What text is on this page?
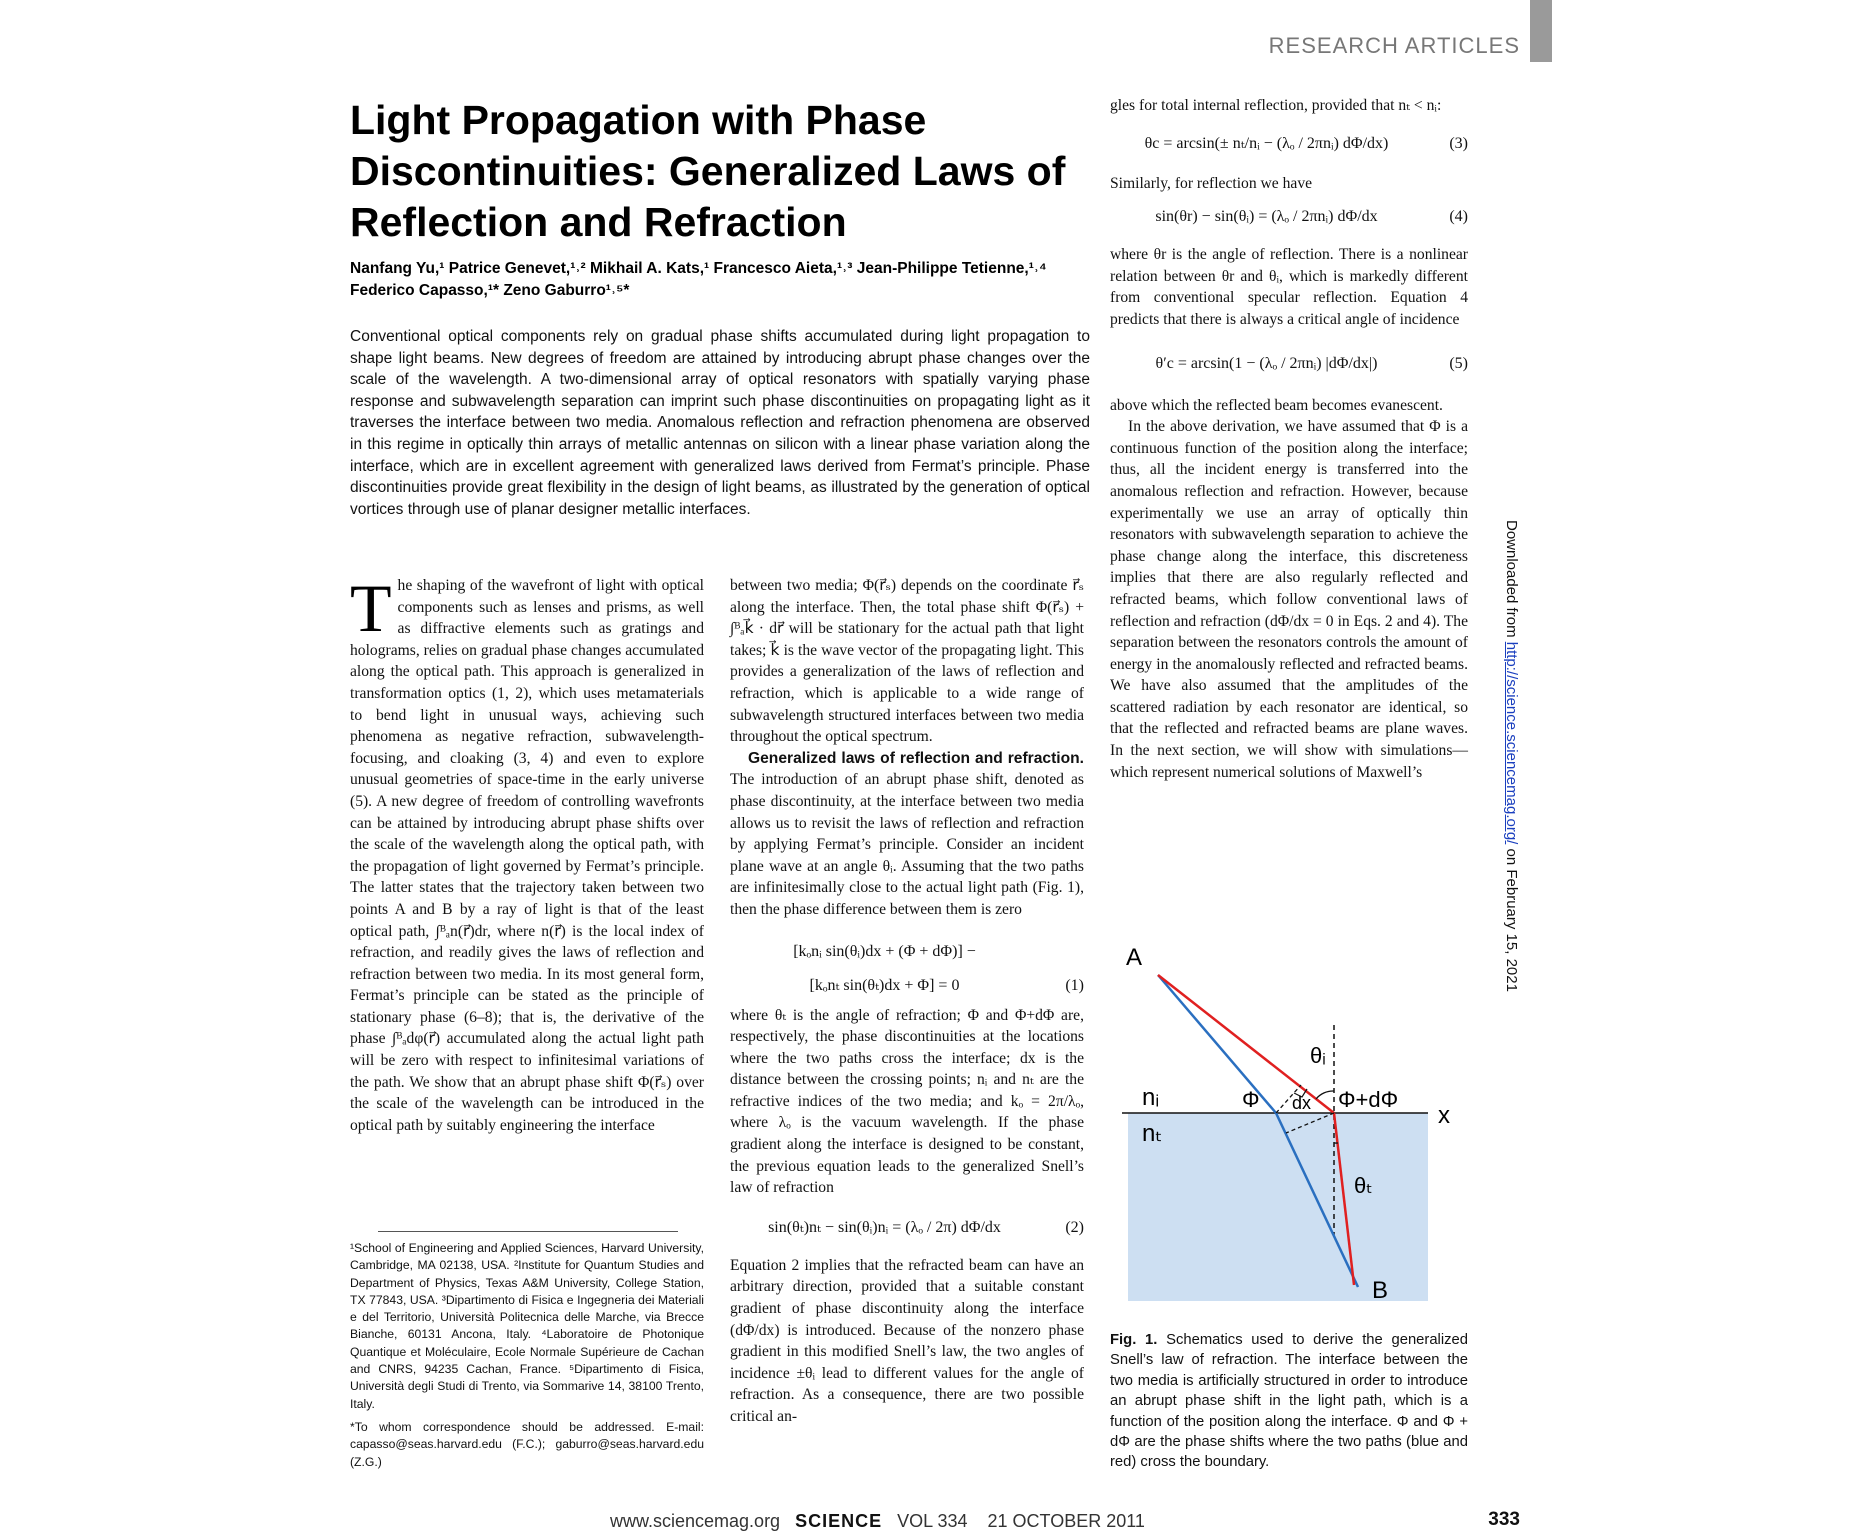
RESEARCH ARTICLES
Light Propagation with Phase Discontinuities: Generalized Laws of Reflection and Refraction
Nanfang Yu,¹ Patrice Genevet,¹˒² Mikhail A. Kats,¹ Francesco Aieta,¹˒³ Jean-Philippe Tetienne,¹˒⁴ Federico Capasso,¹* Zeno Gaburro¹˒⁵*
Conventional optical components rely on gradual phase shifts accumulated during light propagation to shape light beams. New degrees of freedom are attained by introducing abrupt phase changes over the scale of the wavelength. A two-dimensional array of optical resonators with spatially varying phase response and subwavelength separation can imprint such phase discontinuities on propagating light as it traverses the interface between two media. Anomalous reflection and refraction phenomena are observed in this regime in optically thin arrays of metallic antennas on silicon with a linear phase variation along the interface, which are in excellent agreement with generalized laws derived from Fermat’s principle. Phase discontinuities provide great flexibility in the design of light beams, as illustrated by the generation of optical vortices through use of planar designer metallic interfaces.
T he shaping of the wavefront of light with optical components such as lenses and prisms, as well as diffractive elements such as gratings and holograms, relies on gradual phase changes accumulated along the optical path. This approach is generalized in transformation optics (1, 2), which uses metamaterials to bend light in unusual ways, achieving such phenomena as negative refraction, subwavelength-focusing, and cloaking (3, 4) and even to explore unusual geometries of space-time in the early universe (5). A new degree of freedom of controlling wavefronts can be attained by introducing abrupt phase shifts over the scale of the wavelength along the optical path, with the propagation of light governed by Fermat’s principle. The latter states that the trajectory taken between two points A and B by a ray of light is that of the least optical path, ∫ᴮₐn(r⃗)dr, where n(r⃗) is the local index of refraction, and readily gives the laws of reflection and refraction between two media. In its most general form, Fermat’s principle can be stated as the principle of stationary phase (6–8); that is, the derivative of the phase ∫ᴮₐdφ(r⃗) accumulated along the actual light path will be zero with respect to infinitesimal variations of the path. We show that an abrupt phase shift Φ(r⃗ₛ) over the scale of the wavelength can be introduced in the optical path by suitably engineering the interface

¹School of Engineering and Applied Sciences, Harvard University, Cambridge, MA 02138, USA. ²Institute for Quantum Studies and Department of Physics, Texas A&M University, College Station, TX 77843, USA. ³Dipartimento di Fisica e Ingegneria dei Materiali e del Territorio, Università Politecnica delle Marche, via Brecce Bianche, 60131 Ancona, Italy. ⁴Laboratoire de Photonique Quantique et Moléculaire, Ecole Normale Supérieure de Cachan and CNRS, 94235 Cachan, France. ⁵Dipartimento di Fisica, Università degli Studi di Trento, via Sommarive 14, 38100 Trento, Italy.

*To whom correspondence should be addressed. E-mail: capasso@seas.harvard.edu (F.C.); gaburro@seas.harvard.edu (Z.G.)

between two media; Φ(r⃗ₛ) depends on the coordinate r⃗ₛ along the interface. Then, the total phase shift Φ(r⃗ₛ) + ∫ᴮₐk⃗ · dr⃗ will be stationary for the actual path that light takes; k⃗ is the wave vector of the propagating light. This provides a generalization of the laws of reflection and refraction, which is applicable to a wide range of subwavelength structured interfaces between two media throughout the optical spectrum.

Generalized laws of reflection and refraction. The introduction of an abrupt phase shift, denoted as phase discontinuity, at the interface between two media allows us to revisit the laws of reflection and refraction by applying Fermat’s principle. Consider an incident plane wave at an angle θᵢ. Assuming that the two paths are infinitesimally close to the actual light path (Fig. 1), then the phase difference between them is zero

[kₒnᵢ sin(θᵢ)dx + (Φ + dΦ)] −
[kₒnₜ sin(θₜ)dx + Φ] = 0	(1)

where θₜ is the angle of refraction; Φ and Φ+dΦ are, respectively, the phase discontinuities at the locations where the two paths cross the interface; dx is the distance between the crossing points; nᵢ and nₜ are the refractive indices of the two media; and kₒ = 2π/λₒ, where λₒ is the vacuum wavelength. If the phase gradient along the interface is designed to be constant, the previous equation leads to the generalized Snell’s law of refraction

sin(θₜ)nₜ − sin(θᵢ)nᵢ = (λₒ / 2π) dΦ/dx	(2)

Equation 2 implies that the refracted beam can have an arbitrary direction, provided that a suitable constant gradient of phase discontinuity along the interface (dΦ/dx) is introduced. Because of the nonzero phase gradient in this modified Snell’s law, the two angles of incidence ±θᵢ lead to different values for the angle of refraction. As a consequence, there are two possible critical an-

gles for total internal reflection, provided that nₜ < nᵢ:

θc = arcsin(± nₜ/nᵢ − (λₒ / 2πnᵢ) dΦ/dx)	(3)

Similarly, for reflection we have

sin(θr) − sin(θᵢ) = (λₒ / 2πnᵢ) dΦ/dx	(4)

where θr is the angle of reflection. There is a nonlinear relation between θr and θᵢ, which is markedly different from conventional specular reflection. Equation 4 predicts that there is always a critical angle of incidence

θ′c = arcsin(1 − (λₒ / 2πnᵢ) |dΦ/dx|)	(5)

above which the reflected beam becomes evanescent.

In the above derivation, we have assumed that Φ is a continuous function of the position along the interface; thus, all the incident energy is transferred into the anomalous reflection and refraction. However, because experimentally we use an array of optically thin resonators with subwavelength separation to achieve the phase change along the interface, this discreteness implies that there are also regularly reflected and refracted beams, which follow conventional laws of reflection and refraction (dΦ/dx = 0 in Eqs. 2 and 4). The separation between the resonators controls the amount of energy in the anomalously reflected and refracted beams. We have also assumed that the amplitudes of the scattered radiation by each resonator are identical, so that the reflected and refracted beams are plane waves. In the next section, we will show with simulations—which represent numerical solutions of Maxwell’s

A
B
nᵢ
nₜ
x
Φ	Φ+dΦ
dx
θᵢ
θₜ
Fig. 1. Schematics used to derive the generalized Snell’s law of refraction. The interface between the two media is artificially structured in order to introduce an abrupt phase shift in the light path, which is a function of the position along the interface. Φ and Φ + dΦ are the phase shifts where the two paths (blue and red) cross the boundary.
Downloaded from http://science.sciencemag.org/ on February 15, 2021
www.sciencemag.org SCIENCE VOL 334 21 OCTOBER 2011	333
